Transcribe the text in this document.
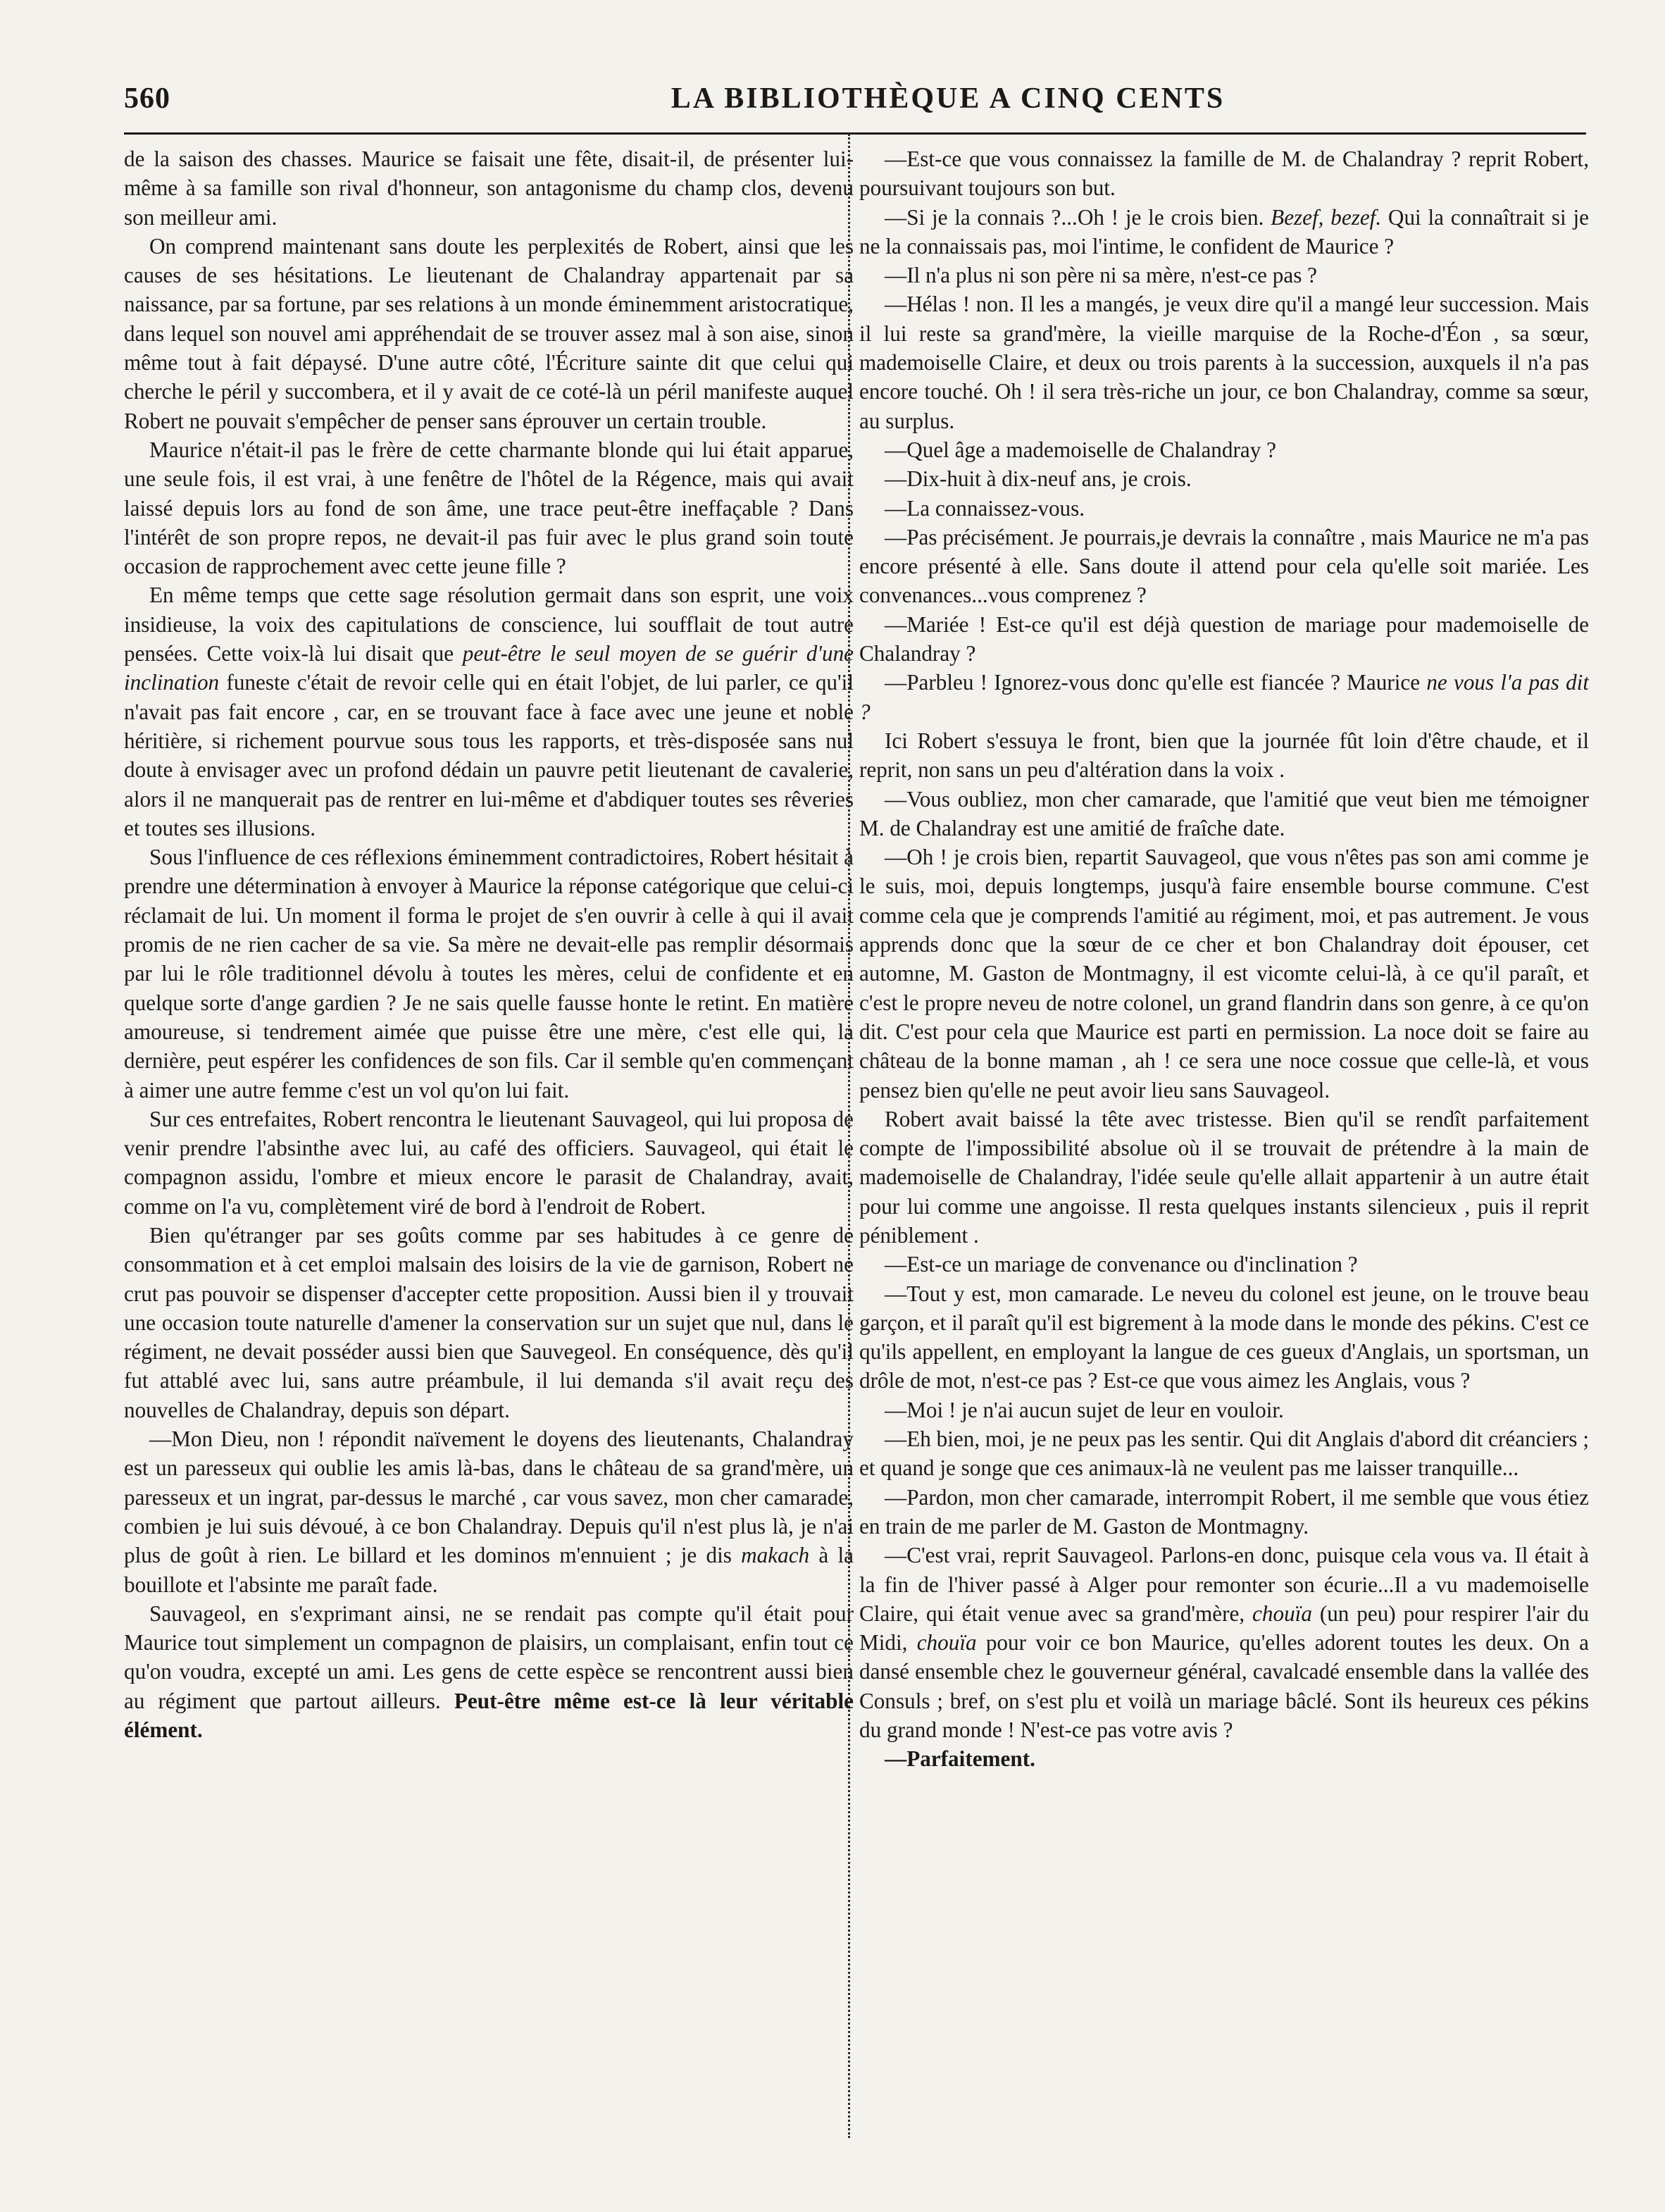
560	LA BIBLIOTHÈQUE A CINQ CENTS

de la saison des chasses. Maurice se faisait une fête, disait-il, de présenter lui-même à sa famille son rival d'honneur, son antagonisme du champ clos, devenu son meilleur ami.

On comprend maintenant sans doute les perplexités de Robert, ainsi que les causes de ses hésitations. Le lieutenant de Chalandray appartenait par sa naissance, par sa fortune, par ses relations à un monde éminemment aristocratique, dans lequel son nouvel ami appréhendait de se trouver assez mal à son aise, sinon même tout à fait dépaysé. D'une autre côté, l'Écriture sainte dit que celui qui cherche le péril y succombera, et il y avait de ce coté-là un péril manifeste auquel Robert ne pouvait s'empêcher de penser sans éprouver un certain trouble.

Maurice n'était-il pas le frère de cette charmante blonde qui lui était apparue, une seule fois, il est vrai, à une fenêtre de l'hôtel de la Régence, mais qui avait laissé depuis lors au fond de son âme, une trace peut-être ineffaçable ? Dans l'intérêt de son propre repos, ne devait-il pas fuir avec le plus grand soin toute occasion de rapprochement avec cette jeune fille ?

En même temps que cette sage résolution germait dans son esprit, une voix insidieuse, la voix des capitulations de conscience, lui soufflait de tout autre pensées. Cette voix-là lui disait que peut-être le seul moyen de se guérir d'une inclination funeste c'était de revoir celle qui en était l'objet, de lui parler, ce qu'il n'avait pas fait encore , car, en se trouvant face à face avec une jeune et noble héritière, si richement pourvue sous tous les rapports, et très-disposée sans nul doute à envisager avec un profond dédain un pauvre petit lieutenant de cavalerie, alors il ne manquerait pas de rentrer en lui-même et d'abdiquer toutes ses rêveries et toutes ses illusions.

Sous l'influence de ces réflexions éminemment contradictoires, Robert hésitait à prendre une détermination à envoyer à Maurice la réponse catégorique que celui-ci réclamait de lui. Un moment il forma le projet de s'en ouvrir à celle à qui il avait promis de ne rien cacher de sa vie. Sa mère ne devait-elle pas remplir désormais par lui le rôle traditionnel dévolu à toutes les mères, celui de confidente et en quelque sorte d'ange gardien ? Je ne sais quelle fausse honte le retint. En matière amoureuse, si tendrement aimée que puisse être une mère, c'est elle qui, la dernière, peut espérer les confidences de son fils. Car il semble qu'en commençant à aimer une autre femme c'est un vol qu'on lui fait.

Sur ces entrefaites, Robert rencontra le lieutenant Sauvageol, qui lui proposa de venir prendre l'absinthe avec lui, au café des officiers. Sauvageol, qui était le compagnon assidu, l'ombre et mieux encore le parasit de Chalandray, avait, comme on l'a vu, complètement viré de bord à l'endroit de Robert.

Bien qu'étranger par ses goûts comme par ses habitudes à ce genre de consommation et à cet emploi malsain des loisirs de la vie de garnison, Robert ne crut pas pouvoir se dispenser d'accepter cette proposition. Aussi bien il y trouvait une occasion toute naturelle d'amener la conservation sur un sujet que nul, dans le régiment, ne devait posséder aussi bien que Sauvegeol. En conséquence, dès qu'il fut attablé avec lui, sans autre préambule, il lui demanda s'il avait reçu des nouvelles de Chalandray, depuis son départ.

—Mon Dieu, non ! répondit naïvement le doyens des lieutenants, Chalandray est un paresseux qui oublie les amis là-bas, dans le château de sa grand'mère, un paresseux et un ingrat, par-dessus le marché , car vous savez, mon cher camarade, combien je lui suis dévoué, à ce bon Chalandray. Depuis qu'il n'est plus là, je n'ai plus de goût à rien. Le billard et les dominos m'ennuient ; je dis makach à la bouillote et l'absinte me paraît fade.

Sauvageol, en s'exprimant ainsi, ne se rendait pas compte qu'il était pour Maurice tout simplement un compagnon de plaisirs, un complaisant, enfin tout ce qu'on voudra, excepté un ami. Les gens de cette espèce se rencontrent aussi bien au régiment que partout ailleurs. Peut-être même est-ce là leur véritable élément.

—Est-ce que vous connaissez la famille de M. de Chalandray ? reprit Robert, poursuivant toujours son but.

—Si je la connais ?...Oh ! je le crois bien. Bezef, bezef. Qui la connaîtrait si je ne la connaissais pas, moi l'intime, le confident de Maurice ?

—Il n'a plus ni son père ni sa mère, n'est-ce pas ?

—Hélas ! non. Il les a mangés, je veux dire qu'il a mangé leur succession. Mais il lui reste sa grand'mère, la vieille marquise de la Roche-d'Éon , sa sœur, mademoiselle Claire, et deux ou trois parents à la succession, auxquels il n'a pas encore touché. Oh ! il sera très-riche un jour, ce bon Chalandray, comme sa sœur, au surplus.

—Quel âge a mademoiselle de Chalandray ?

—Dix-huit à dix-neuf ans, je crois.

—La connaissez-vous.

—Pas précisément. Je pourrais,je devrais la connaître , mais Maurice ne m'a pas encore présenté à elle. Sans doute il attend pour cela qu'elle soit mariée. Les convenances...vous comprenez ?

—Mariée ! Est-ce qu'il est déjà question de mariage pour mademoiselle de Chalandray ?

—Parbleu ! Ignorez-vous donc qu'elle est fiancée ? Maurice ne vous l'a pas dit ?

Ici Robert s'essuya le front, bien que la journée fût loin d'être chaude, et il reprit, non sans un peu d'altération dans la voix .

—Vous oubliez, mon cher camarade, que l'amitié que veut bien me témoigner M. de Chalandray est une amitié de fraîche date.

—Oh ! je crois bien, repartit Sauvageol, que vous n'êtes pas son ami comme je le suis, moi, depuis longtemps, jusqu'à faire ensemble bourse commune. C'est comme cela que je comprends l'amitié au régiment, moi, et pas autrement. Je vous apprends donc que la sœur de ce cher et bon Chalandray doit épouser, cet automne, M. Gaston de Montmagny, il est vicomte celui-là, à ce qu'il paraît, et c'est le propre neveu de notre colonel, un grand flandrin dans son genre, à ce qu'on dit. C'est pour cela que Maurice est parti en permission. La noce doit se faire au château de la bonne maman , ah ! ce sera une noce cossue que celle-là, et vous pensez bien qu'elle ne peut avoir lieu sans Sauvageol.

Robert avait baissé la tête avec tristesse. Bien qu'il se rendît parfaitement compte de l'impossibilité absolue où il se trouvait de prétendre à la main de mademoiselle de Chalandray, l'idée seule qu'elle allait appartenir à un autre était pour lui comme une angoisse. Il resta quelques instants silencieux , puis il reprit péniblement .

—Est-ce un mariage de convenance ou d'inclination ?

—Tout y est, mon camarade. Le neveu du colonel est jeune, on le trouve beau garçon, et il paraît qu'il est bigrement à la mode dans le monde des pékins. C'est ce qu'ils appellent, en employant la langue de ces gueux d'Anglais, un sportsman, un drôle de mot, n'est-ce pas ? Est-ce que vous aimez les Anglais, vous ?

—Moi ! je n'ai aucun sujet de leur en vouloir.

—Eh bien, moi, je ne peux pas les sentir. Qui dit Anglais d'abord dit créanciers ; et quand je songe que ces animaux-là ne veulent pas me laisser tranquille...

—Pardon, mon cher camarade, interrompit Robert, il me semble que vous étiez en train de me parler de M. Gaston de Montmagny.

—C'est vrai, reprit Sauvageol. Parlons-en donc, puisque cela vous va. Il était à la fin de l'hiver passé à Alger pour remonter son écurie...Il a vu mademoiselle Claire, qui était venue avec sa grand'mère, chouïa (un peu) pour respirer l'air du Midi, chouïa pour voir ce bon Maurice, qu'elles adorent toutes les deux. On a dansé ensemble chez le gouverneur général, cavalcadé ensemble dans la vallée des Consuls ; bref, on s'est plu et voilà un mariage bâclé. Sont ils heureux ces pékins du grand monde ! N'est-ce pas votre avis ?

—Parfaitement.
